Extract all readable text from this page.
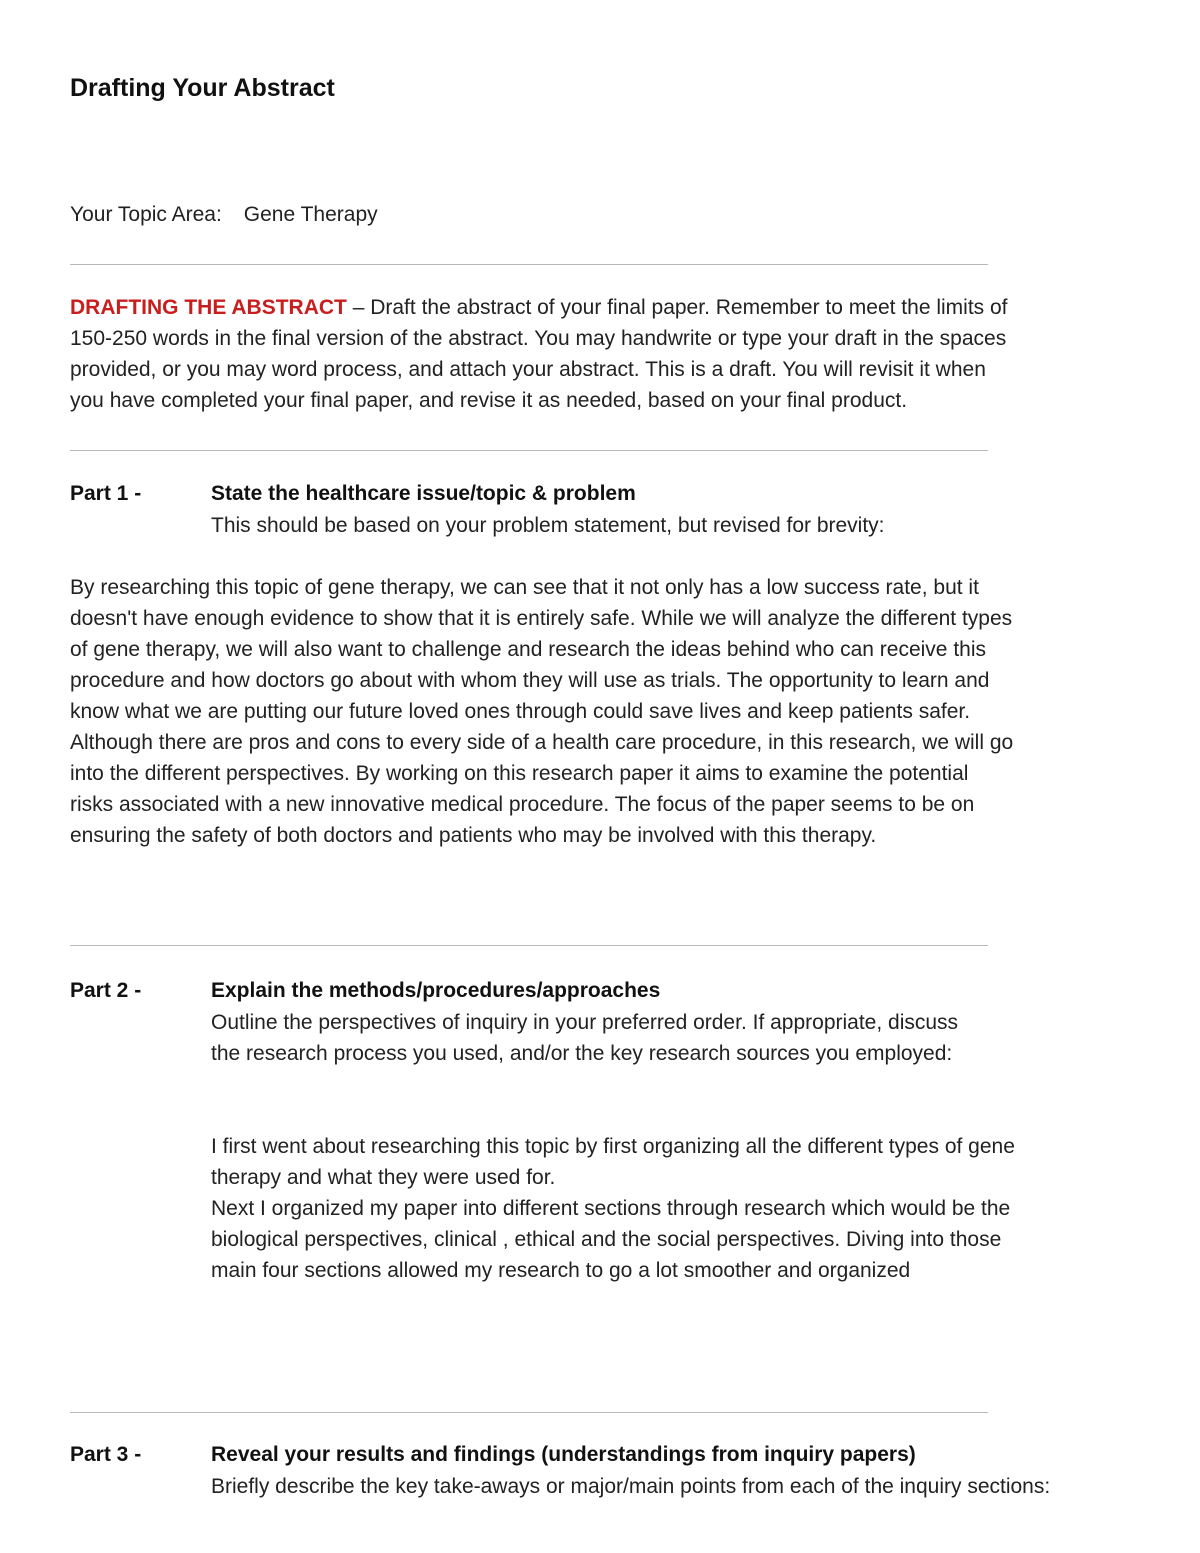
Drafting Your Abstract
Your Topic Area: Gene Therapy
DRAFTING THE ABSTRACT – Draft the abstract of your final paper. Remember to meet the limits of
150-250 words in the final version of the abstract. You may handwrite or type your draft in the spaces
provided, or you may word process, and attach your abstract. This is a draft. You will revisit it when
you have completed your final paper, and revise it as needed, based on your final product.
Part 1 -	State the healthcare issue/topic & problem
This should be based on your problem statement, but revised for brevity:
By researching this topic of gene therapy, we can see that it not only has a low success rate, but it
doesn't have enough evidence to show that it is entirely safe. While we will analyze the different types
of gene therapy, we will also want to challenge and research the ideas behind who can receive this
procedure and how doctors go about with whom they will use as trials. The opportunity to learn and
know what we are putting our future loved ones through could save lives and keep patients safer.
Although there are pros and cons to every side of a health care procedure, in this research, we will go
into the different perspectives. By working on this research paper it aims to examine the potential
risks associated with a new innovative medical procedure. The focus of the paper seems to be on
ensuring the safety of both doctors and patients who may be involved with this therapy.
Part 2 -	Explain the methods/procedures/approaches
Outline the perspectives of inquiry in your preferred order. If appropriate, discuss
the research process you used, and/or the key research sources you employed:
I first went about researching this topic by first organizing all the different types of gene
therapy and what they were used for.
Next I organized my paper into different sections through research which would be the
biological perspectives, clinical , ethical and the social perspectives. Diving into those
main four sections allowed my research to go a lot smoother and organized
Part 3 -	Reveal your results and findings (understandings from inquiry papers)
Briefly describe the key take-aways or major/main points from each of the inquiry sections:
